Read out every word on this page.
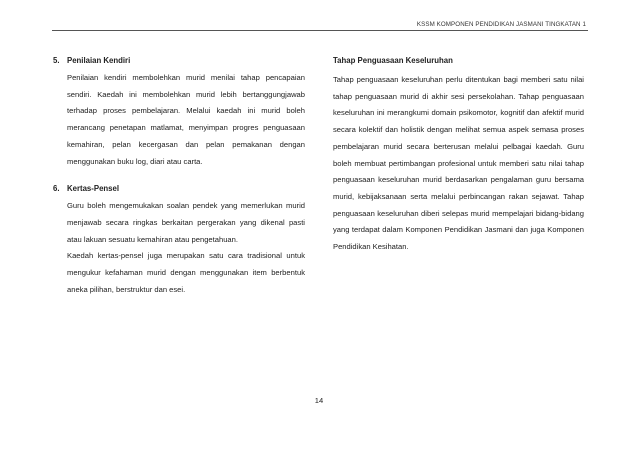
KSSM KOMPONEN PENDIDIKAN JASMANI TINGKATAN 1
5. Penilaian Kendiri

Penilaian kendiri membolehkan murid menilai tahap pencapaian sendiri. Kaedah ini membolehkan murid lebih bertanggungjawab terhadap proses pembelajaran. Melalui kaedah ini murid boleh merancang penetapan matlamat, menyimpan progres penguasaan kemahiran, pelan kecergasan dan pelan pemakanan dengan menggunakan buku log, diari atau carta.

6. Kertas-Pensel

Guru boleh mengemukakan soalan pendek yang memerlukan murid menjawab secara ringkas berkaitan pergerakan yang dikenal pasti atau lakuan sesuatu kemahiran atau pengetahuan.

Kaedah kertas-pensel juga merupakan satu cara tradisional untuk mengukur kefahaman murid dengan menggunakan item berbentuk aneka pilihan, berstruktur dan esei.

Tahap Penguasaan Keseluruhan

Tahap penguasaan keseluruhan perlu ditentukan bagi memberi satu nilai tahap penguasaan murid di akhir sesi persekolahan. Tahap penguasaan keseluruhan ini merangkumi domain psikomotor, kognitif dan afektif murid secara kolektif dan holistik dengan melihat semua aspek semasa proses pembelajaran murid secara berterusan melalui pelbagai kaedah. Guru boleh membuat pertimbangan profesional untuk memberi satu nilai tahap penguasaan keseluruhan murid berdasarkan pengalaman guru bersama murid, kebijaksanaan serta melalui perbincangan rakan sejawat. Tahap penguasaan keseluruhan diberi selepas murid mempelajari bidang-bidang yang terdapat dalam Komponen Pendidikan Jasmani dan juga Komponen Pendidikan Kesihatan.

14
